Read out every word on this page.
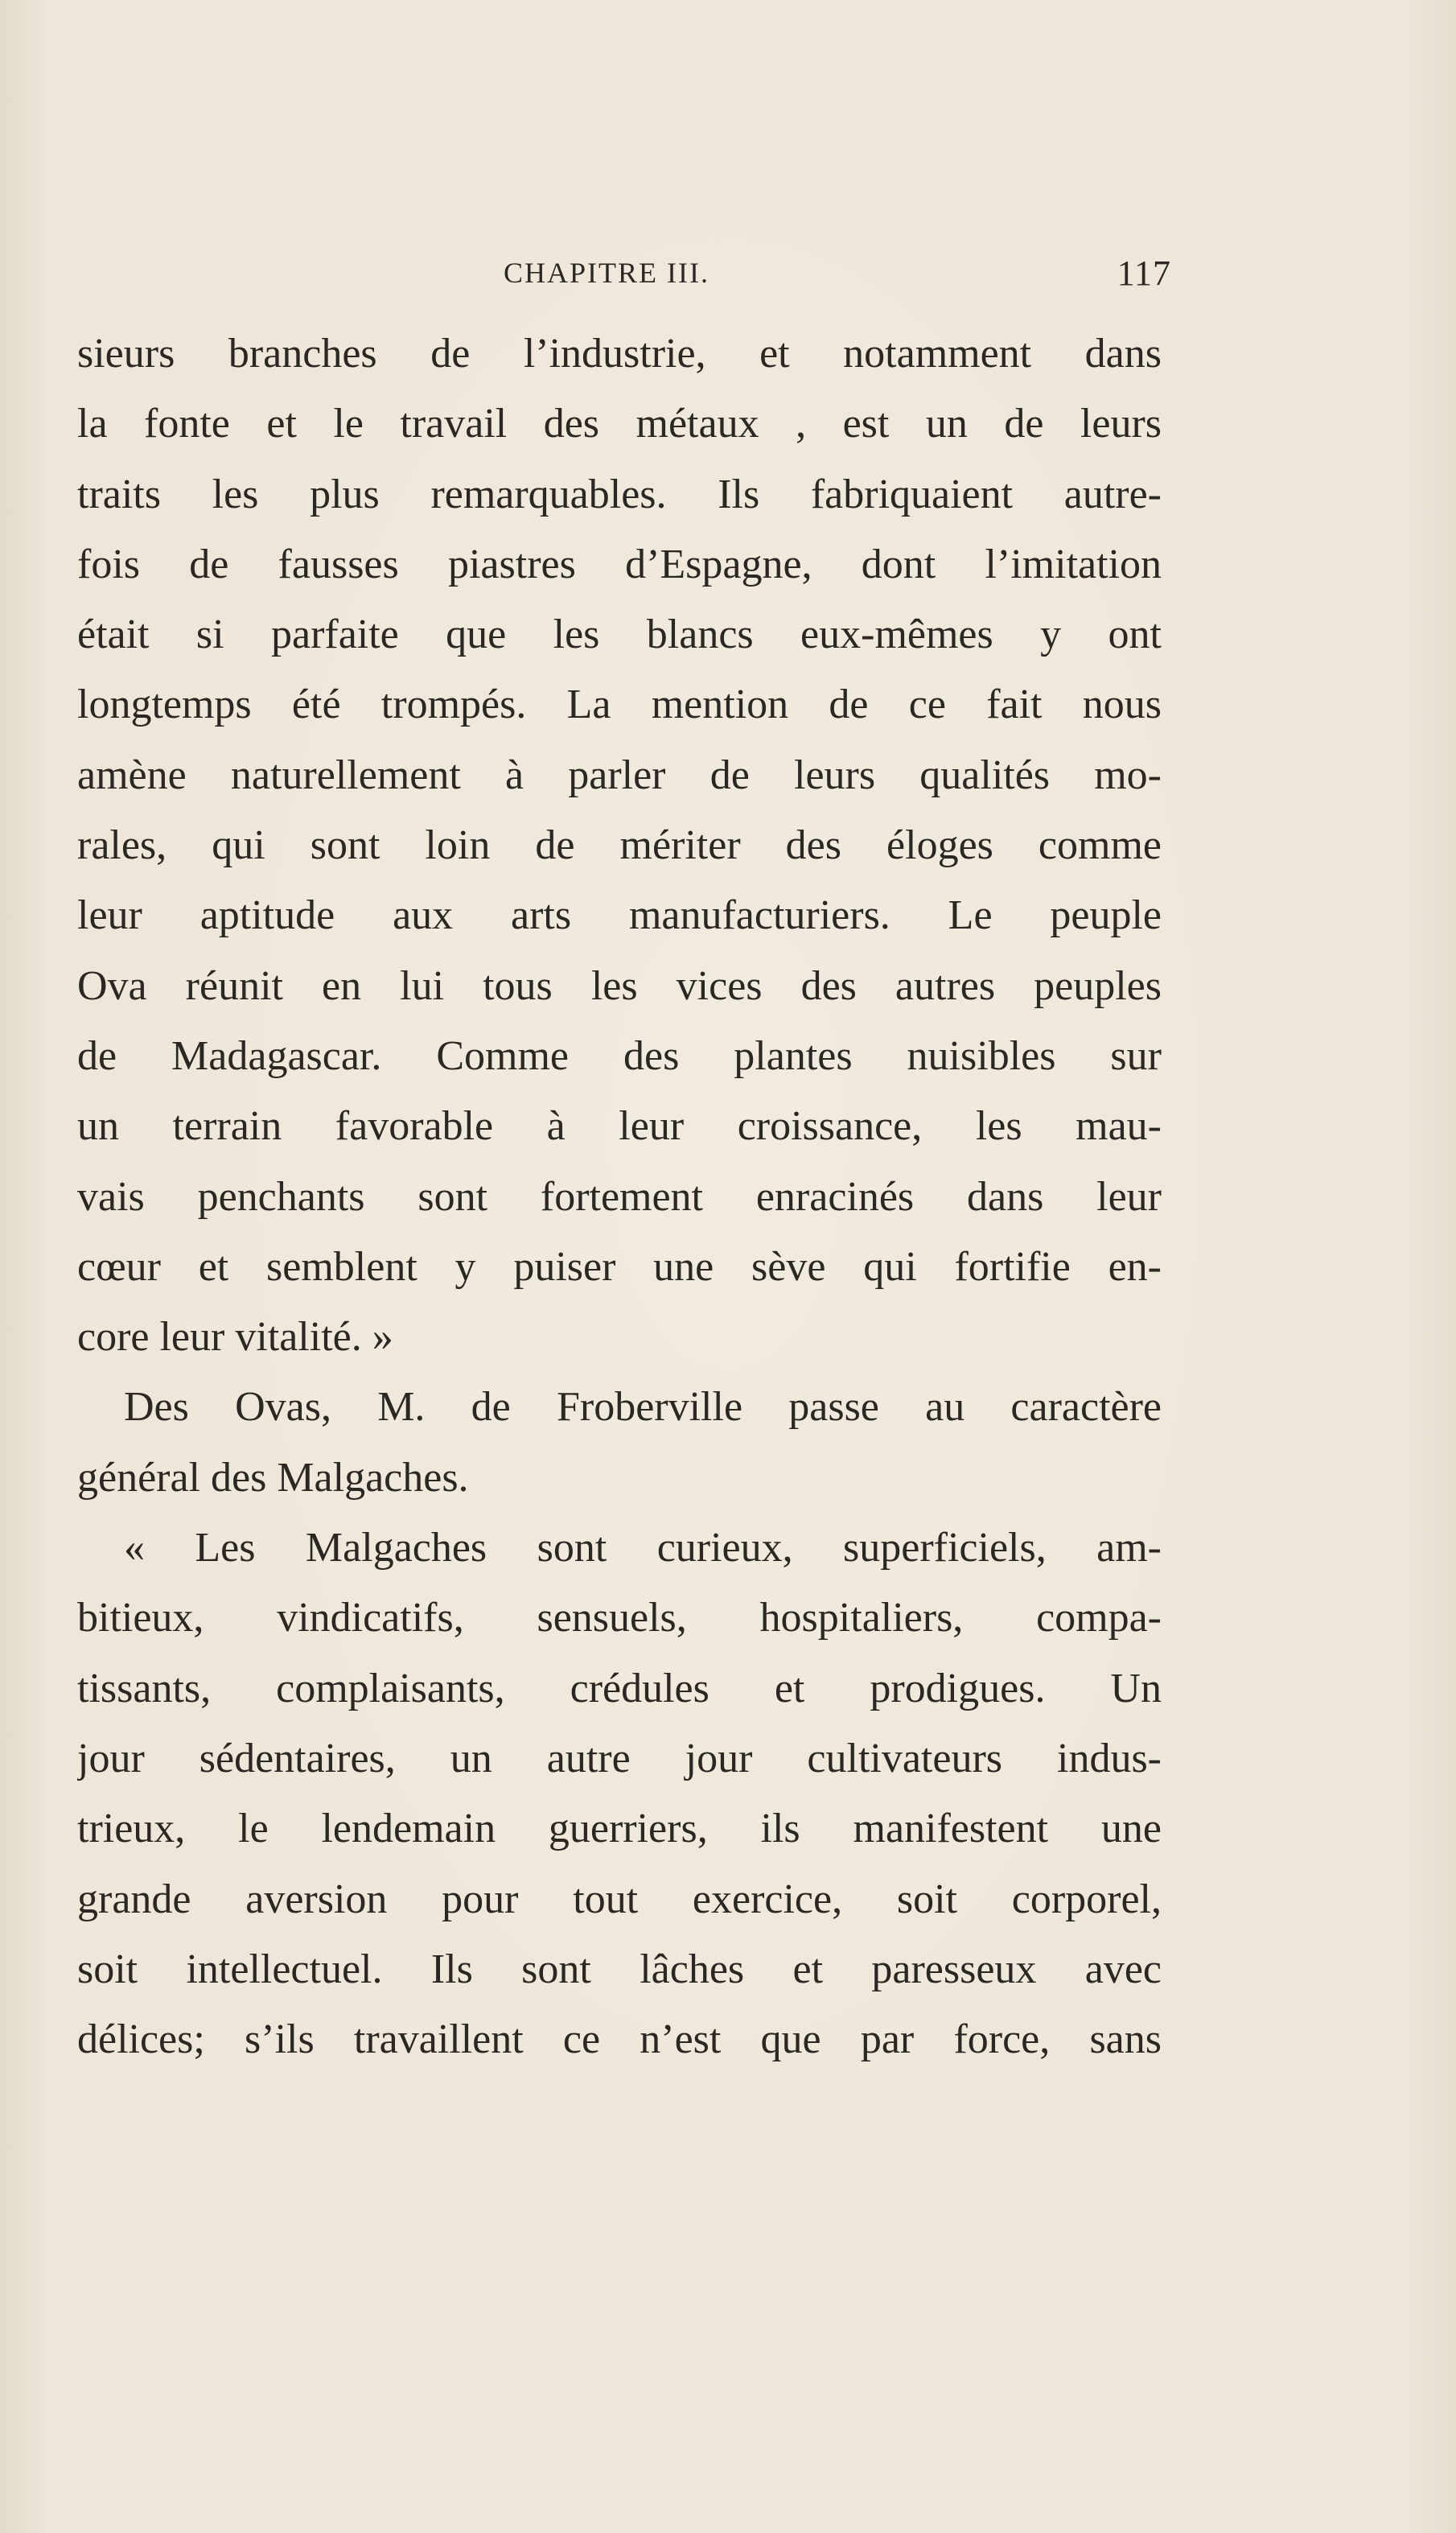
CHAPITRE III.	117
sieurs branches de l’industrie, et notamment dans
la fonte et le travail des métaux , est un de leurs
traits les plus remarquables. Ils fabriquaient autre-
fois de fausses piastres d’Espagne, dont l’imitation
était si parfaite que les blancs eux-mêmes y ont
longtemps été trompés. La mention de ce fait nous
amène naturellement à parler de leurs qualités mo-
rales, qui sont loin de mériter des éloges comme
leur aptitude aux arts manufacturiers. Le peuple
Ova réunit en lui tous les vices des autres peuples
de Madagascar. Comme des plantes nuisibles sur
un terrain favorable à leur croissance, les mau-
vais penchants sont fortement enracinés dans leur
cœur et semblent y puiser une sève qui fortifie en-
core leur vitalité. »
Des Ovas, M. de Froberville passe au caractère
général des Malgaches.
« Les Malgaches sont curieux, superficiels, am-
bitieux, vindicatifs, sensuels, hospitaliers, compa-
tissants, complaisants, crédules et prodigues. Un
jour sédentaires, un autre jour cultivateurs indus-
trieux, le lendemain guerriers, ils manifestent une
grande aversion pour tout exercice, soit corporel,
soit intellectuel. Ils sont lâches et paresseux avec
délices; s’ils travaillent ce n’est que par force, sans
